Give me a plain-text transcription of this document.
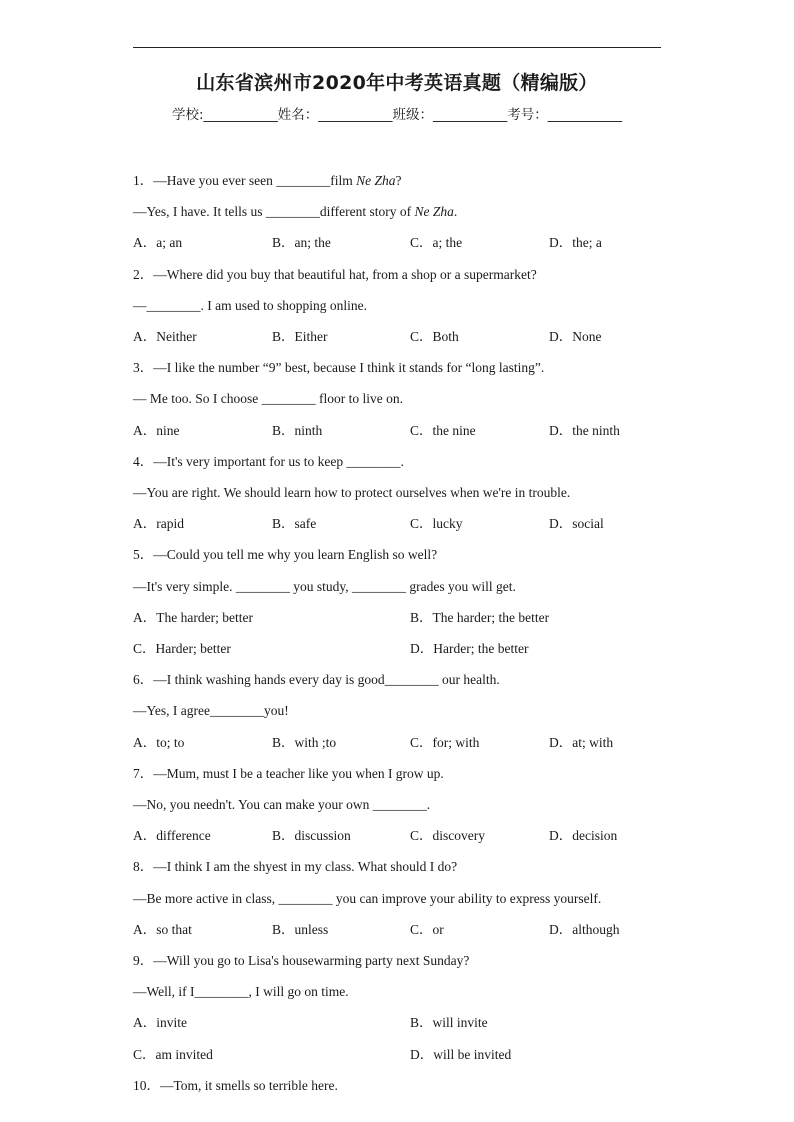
山东省滨州市2020年中考英语真题（精编版）
学校:___________姓名：___________班级：___________考号：___________
1．—Have you ever seen ________film Ne Zha?
—Yes, I have. It tells us ________different story of Ne Zha.
A．a; an	B．an; the	C．a; the	D．the; a
2．—Where did you buy that beautiful hat, from a shop or a supermarket?
—________. I am used to shopping online.
A．Neither	B．Either	C．Both	D．None
3．—I like the number “9” best, because I think it stands for “long lasting”.
— Me too. So I choose ________ floor to live on.
A．nine	B．ninth	C．the nine	D．the ninth
4．—It's very important for us to keep ________.
—You are right. We should learn how to protect ourselves when we're in trouble.
A．rapid	B．safe	C．lucky	D．social
5．—Could you tell me why you learn English so well?
—It's very simple. ________ you study, ________ grades you will get.
A．The harder; better	B．The harder; the better
C．Harder; better	D．Harder; the better
6．—I think washing hands every day is good________ our health.
—Yes, I agree________you!
A．to; to	B．with ;to	C．for; with	D．at; with
7．—Mum, must I be a teacher like you when I grow up.
—No, you needn't. You can make your own ________.
A．difference	B．discussion	C．discovery	D．decision
8．—I think I am the shyest in my class. What should I do?
—Be more active in class, ________ you can improve your ability to express yourself.
A．so that	B．unless	C．or	D．although
9．—Will you go to Lisa's housewarming party next Sunday?
—Well, if I________, I will go on time.
A．invite	B．will invite
C．am invited	D．will be invited
10．—Tom, it smells so terrible here.
